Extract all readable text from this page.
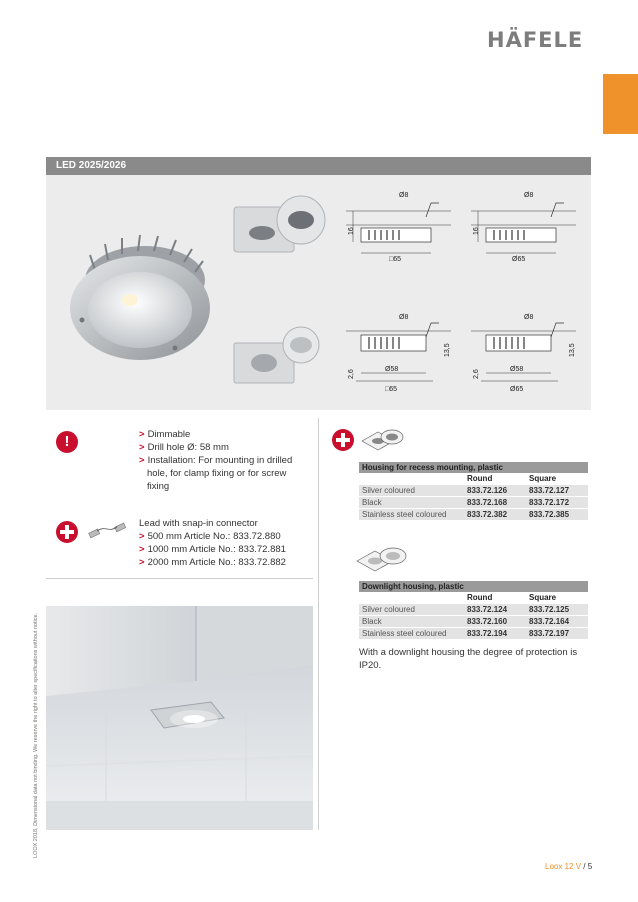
HÄFELE
LOOX 2018, Dimensional data not binding. We reserve the right to alter specifications without notice.
LED 2025/2026
Ø8
16
□65
Ø8
16
Ø65
Ø8
13,5
2,6	Ø58
□65
Ø8
13,5
2,6	Ø58
Ø65
!	> Dimmable
> Drill hole Ø: 58 mm
> Installation: For mounting in drilled
hole, for clamp fixing or for screw
fixing
Lead with snap-in connector
> 500 mm Article No.: 833.72.880
> 1000 mm Article No.: 833.72.881
> 2000 mm Article No.: 833.72.882
Housing for recess mounting, plastic		
	Round	Square
Silver coloured	833.72.126	833.72.127
Black	833.72.168	833.72.172
Stainless steel coloured	833.72.382	833.72.385
Downlight housing, plastic		
	Round	Square
Silver coloured	833.72.124	833.72.125
Black	833.72.160	833.72.164
Stainless steel coloured	833.72.194	833.72.197
With a downlight housing the degree of protection is IP20.
Loox 12 V / 5
